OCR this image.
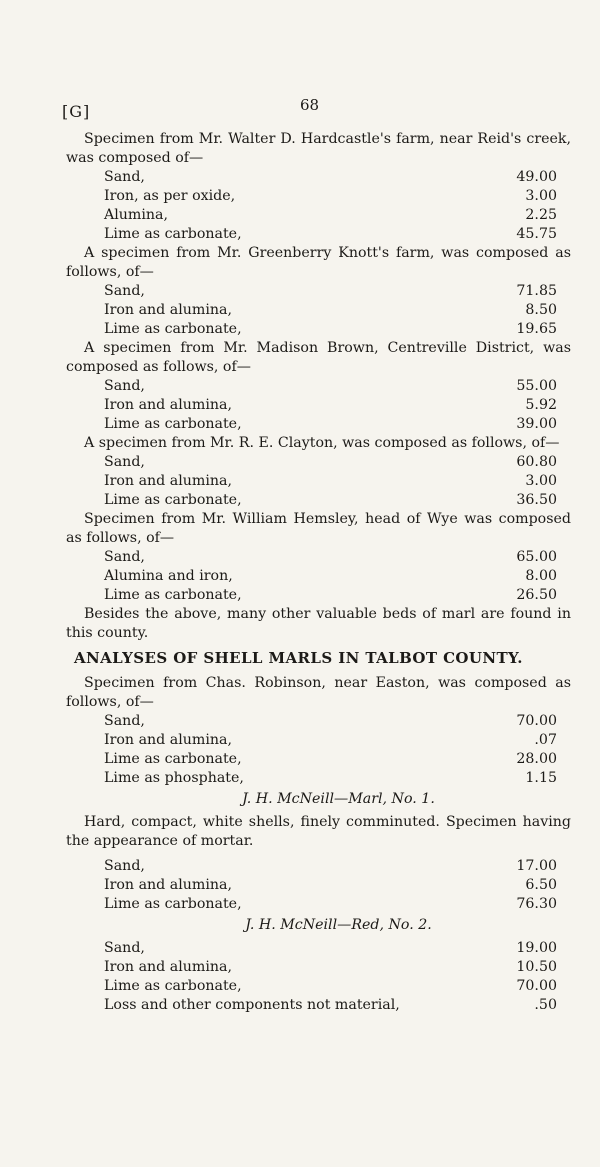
[G]	68

Specimen from Mr. Walter D. Hardcastle's farm, near Reid's creek, was composed of—

Sand,	49.00
Iron, as per oxide,	3.00
Alumina,	2.25
Lime as carbonate,	45.75

A specimen from Mr. Greenberry Knott's farm, was composed as follows, of—

Sand,	71.85
Iron and alumina,	8.50
Lime as carbonate,	19.65

A specimen from Mr. Madison Brown, Centreville District, was composed as follows, of—

Sand,	55.00
Iron and alumina,	5.92
Lime as carbonate,	39.00

A specimen from Mr. R. E. Clayton, was composed as follows, of—

Sand,	60.80
Iron and alumina,	3.00
Lime as carbonate,	36.50

Specimen from Mr. William Hemsley, head of Wye was composed as follows, of—

Sand,	65.00
Alumina and iron,	8.00
Lime as carbonate,	26.50

Besides the above, many other valuable beds of marl are found in this county.

ANALYSES OF SHELL MARLS IN TALBOT COUNTY.

Specimen from Chas. Robinson, near Easton, was composed as follows, of—

Sand,	70.00
Iron and alumina,	.07
Lime as carbonate,	28.00
Lime as phosphate,	1.15
J. H. McNeill—Marl, No. 1.

Hard, compact, white shells, finely comminuted. Specimen having the appearance of mortar.

Sand,	17.00
Iron and alumina,	6.50
Lime as carbonate,	76.30
J. H. McNeill—Red, No. 2.
Sand,	19.00
Iron and alumina,	10.50
Lime as carbonate,	70.00
Loss and other components not material,	.50
